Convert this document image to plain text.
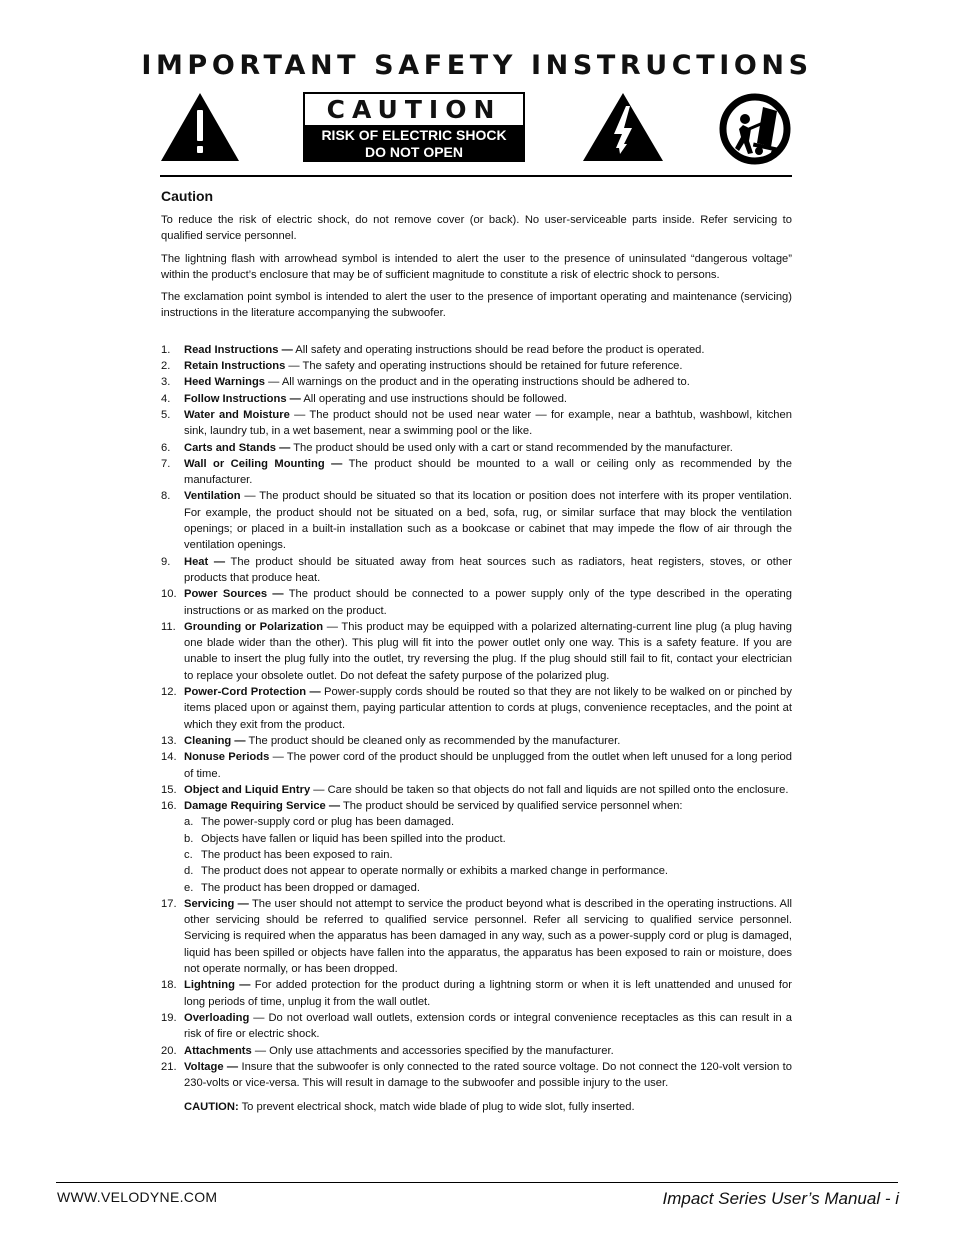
IMPORTANT SAFETY INSTRUCTIONS
CAUTION
RISK OF ELECTRIC SHOCK
DO NOT OPEN
Caution

To reduce the risk of electric shock, do not remove cover (or back). No user-serviceable parts inside. Refer servicing to qualified service personnel.

The lightning flash with arrowhead symbol is intended to alert the user to the presence of uninsulated “dangerous voltage” within the product’s enclosure that may be of sufficient magnitude to constitute a risk of electric shock to persons.

The exclamation point symbol is intended to alert the user to the presence of important operating and maintenance (servicing) instructions in the literature accompanying the subwoofer.

1. Read Instructions — All safety and operating instructions should be read before the product is operated.
2. Retain Instructions — The safety and operating instructions should be retained for future reference.
3. Heed Warnings — All warnings on the product and in the operating instructions should be adhered to.
4. Follow Instructions — All operating and use instructions should be followed.
5. Water and Moisture — The product should not be used near water — for example, near a bathtub, washbowl, kitchen sink, laundry tub, in a wet basement, near a swimming pool or the like.
6. Carts and Stands — The product should be used only with a cart or stand recommended by the manufacturer.
7. Wall or Ceiling Mounting — The product should be mounted to a wall or ceiling only as recommended by the manufacturer.
8. Ventilation — The product should be situated so that its location or position does not interfere with its proper ventilation. For example, the product should not be situated on a bed, sofa, rug, or similar surface that may block the ventilation openings; or placed in a built-in installation such as a bookcase or cabinet that may impede the flow of air through the ventilation openings.
9. Heat — The product should be situated away from heat sources such as radiators, heat registers, stoves, or other products that produce heat.
10. Power Sources — The product should be connected to a power supply only of the type described in the operating instructions or as marked on the product.
11. Grounding or Polarization — This product may be equipped with a polarized alternating-current line plug (a plug having one blade wider than the other). This plug will fit into the power outlet only one way. This is a safety feature. If you are unable to insert the plug fully into the outlet, try reversing the plug. If the plug should still fail to fit, contact your electrician to replace your obsolete outlet. Do not defeat the safety purpose of the polarized plug.
12. Power-Cord Protection — Power-supply cords should be routed so that they are not likely to be walked on or pinched by items placed upon or against them, paying particular attention to cords at plugs, convenience receptacles, and the point at which they exit from the product.
13. Cleaning — The product should be cleaned only as recommended by the manufacturer.
14. Nonuse Periods — The power cord of the product should be unplugged from the outlet when left unused for a long period of time.
15. Object and Liquid Entry — Care should be taken so that objects do not fall and liquids are not spilled onto the enclosure.
16. Damage Requiring Service — The product should be serviced by qualified service personnel when:
a. The power-supply cord or plug has been damaged.
b. Objects have fallen or liquid has been spilled into the product.
c. The product has been exposed to rain.
d. The product does not appear to operate normally or exhibits a marked change in performance.
e. The product has been dropped or damaged.
17. Servicing — The user should not attempt to service the product beyond what is described in the operating instructions. All other servicing should be referred to qualified service personnel. Refer all servicing to qualified service personnel. Servicing is required when the apparatus has been damaged in any way, such as a power-supply cord or plug is damaged, liquid has been spilled or objects have fallen into the apparatus, the apparatus has been exposed to rain or moisture, does not operate normally, or has been dropped.
18. Lightning — For added protection for the product during a lightning storm or when it is left unattended and unused for long periods of time, unplug it from the wall outlet.
19. Overloading — Do not overload wall outlets, extension cords or integral convenience receptacles as this can result in a risk of fire or electric shock.
20. Attachments — Only use attachments and accessories specified by the manufacturer.
21. Voltage — Insure that the subwoofer is only connected to the rated source voltage. Do not connect the 120-volt version to 230-volts or vice-versa. This will result in damage to the subwoofer and possible injury to the user.
CAUTION: To prevent electrical shock, match wide blade of plug to wide slot, fully inserted.
WWW.VELODYNE.COM	Impact Series User’s Manual - i
